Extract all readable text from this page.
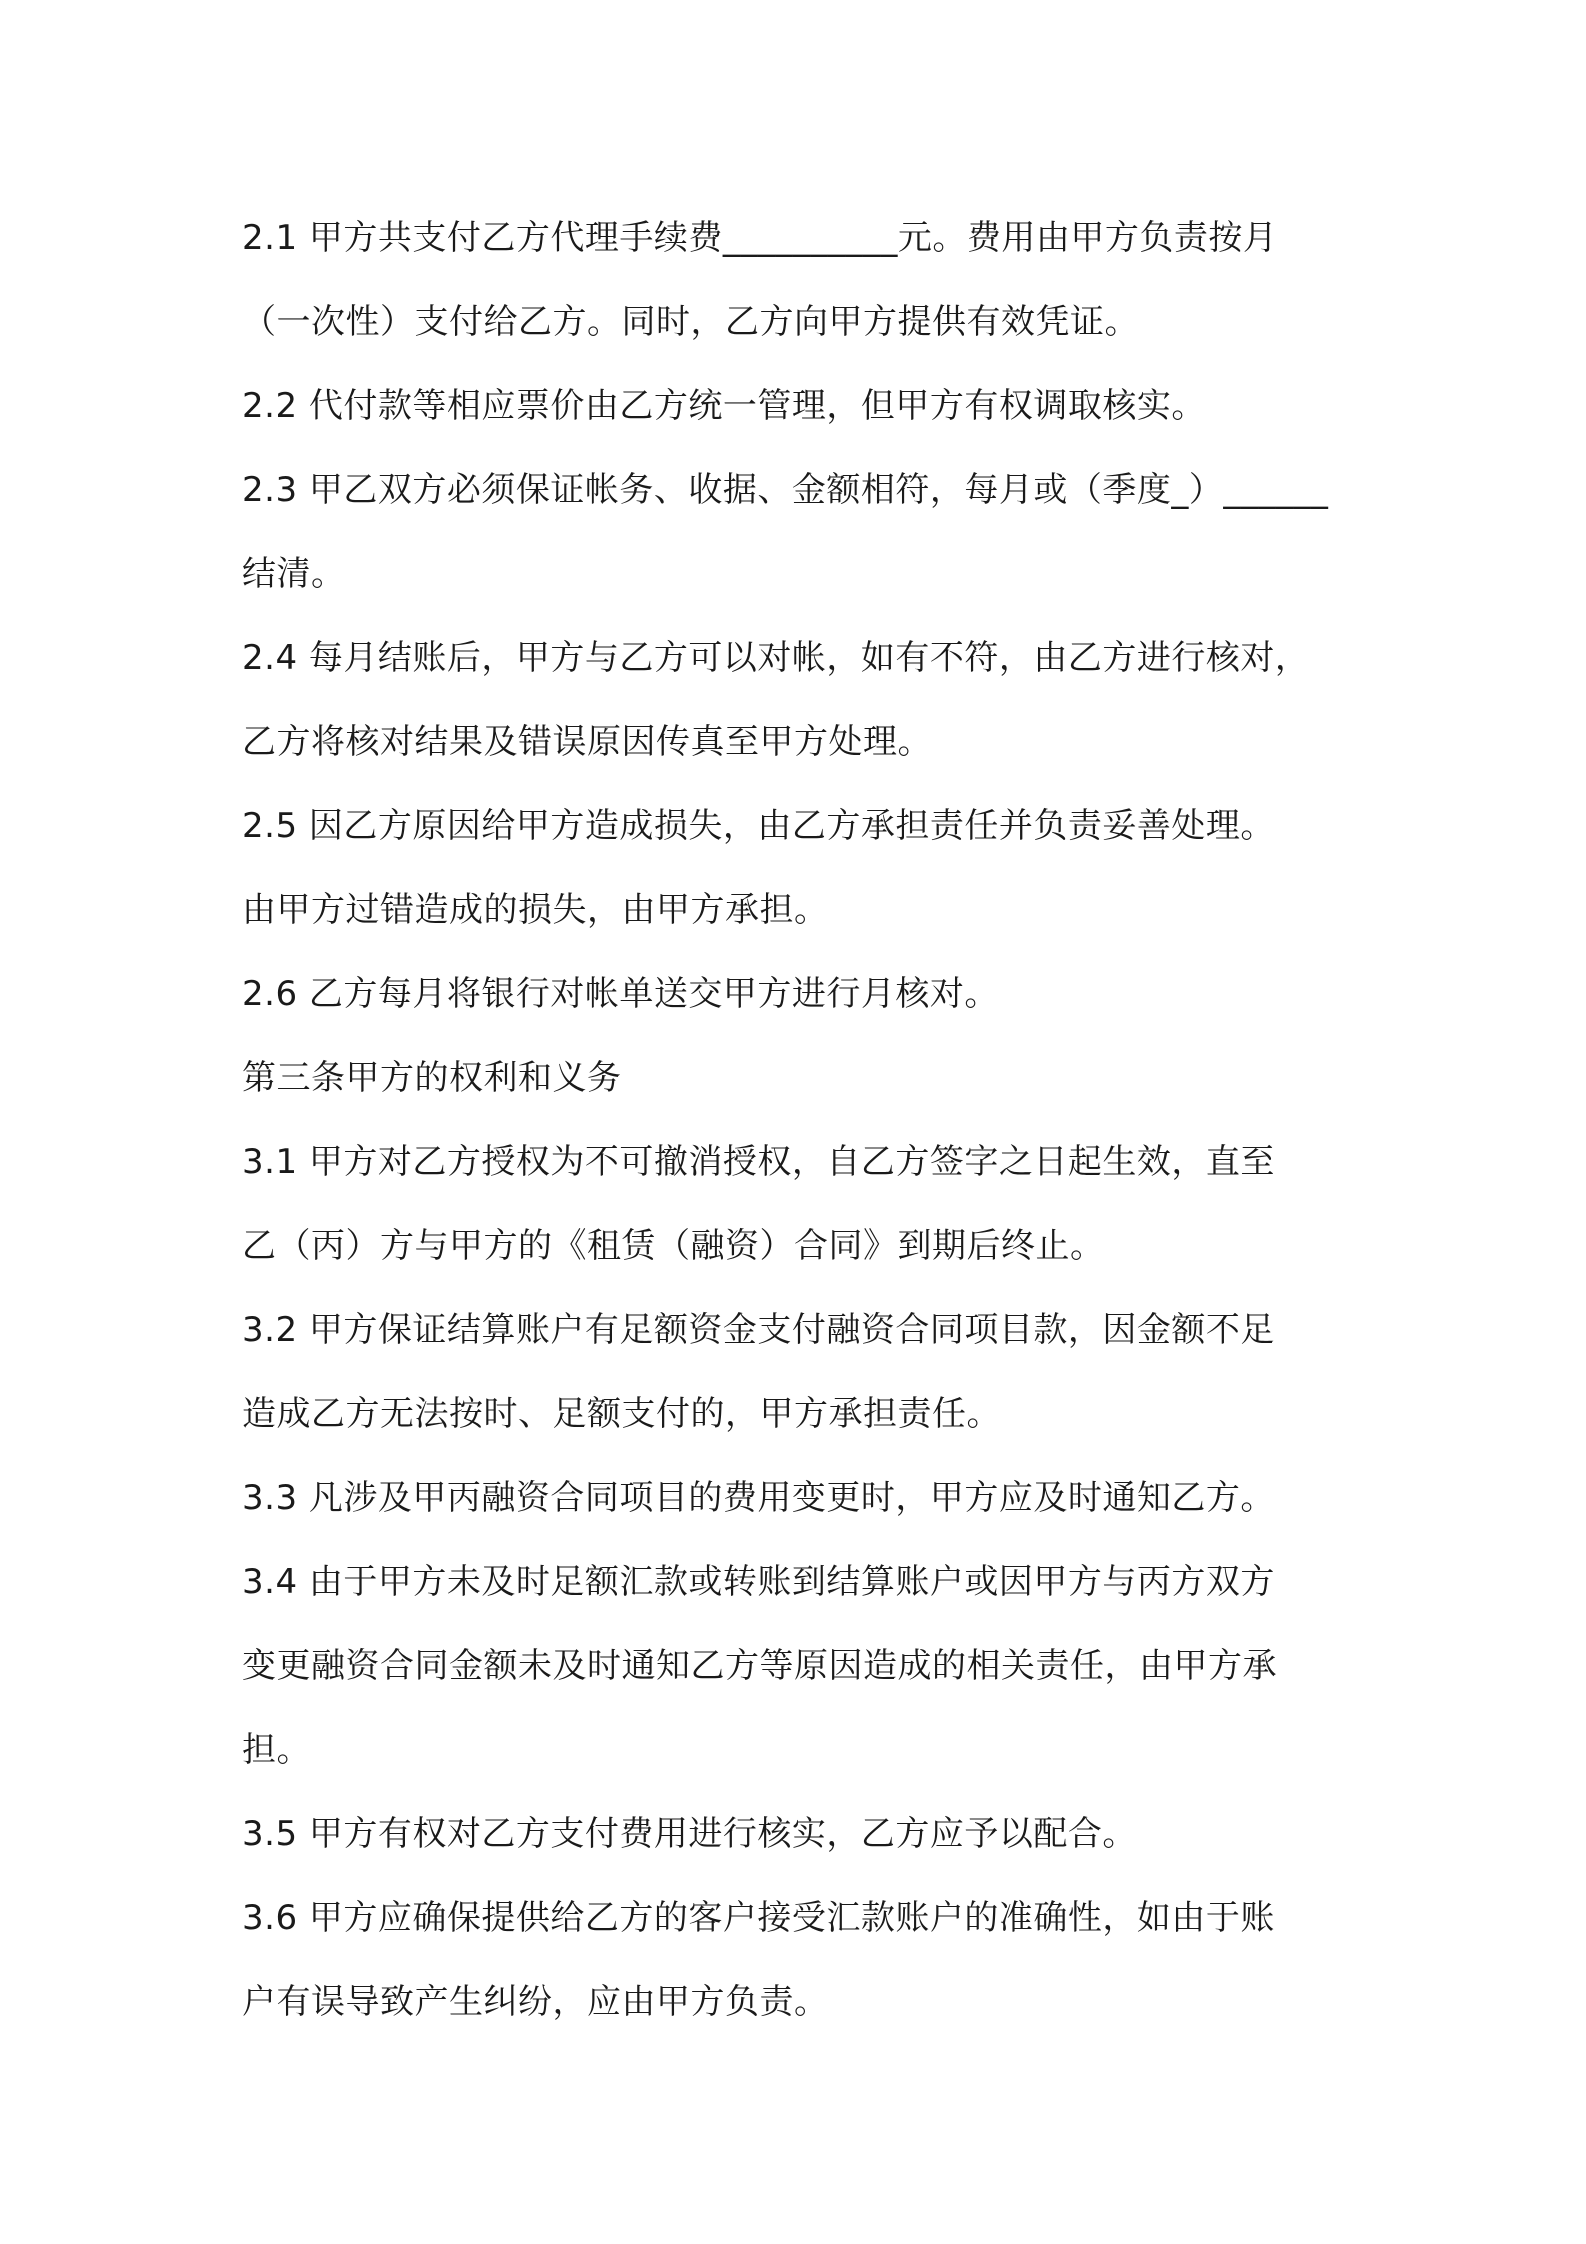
2.1 甲方共支付乙方代理手续费__________元。费用由甲方负责按月
（一次性）支付给乙方。同时，乙方向甲方提供有效凭证。
2.2 代付款等相应票价由乙方统一管理，但甲方有权调取核实。
2.3 甲乙双方必须保证帐务、收据、金额相符，每月或（季度_）______
结清。
2.4 每月结账后，甲方与乙方可以对帐，如有不符，由乙方进行核对，
乙方将核对结果及错误原因传真至甲方处理。
2.5 因乙方原因给甲方造成损失，由乙方承担责任并负责妥善处理。
由甲方过错造成的损失，由甲方承担。
2.6 乙方每月将银行对帐单送交甲方进行月核对。
第三条甲方的权利和义务
3.1 甲方对乙方授权为不可撤消授权，自乙方签字之日起生效，直至
乙（丙）方与甲方的《租赁（融资）合同》到期后终止。
3.2 甲方保证结算账户有足额资金支付融资合同项目款，因金额不足
造成乙方无法按时、足额支付的，甲方承担责任。
3.3 凡涉及甲丙融资合同项目的费用变更时，甲方应及时通知乙方。
3.4 由于甲方未及时足额汇款或转账到结算账户或因甲方与丙方双方
变更融资合同金额未及时通知乙方等原因造成的相关责任，由甲方承
担。
3.5 甲方有权对乙方支付费用进行核实，乙方应予以配合。
3.6 甲方应确保提供给乙方的客户接受汇款账户的准确性，如由于账
户有误导致产生纠纷，应由甲方负责。
